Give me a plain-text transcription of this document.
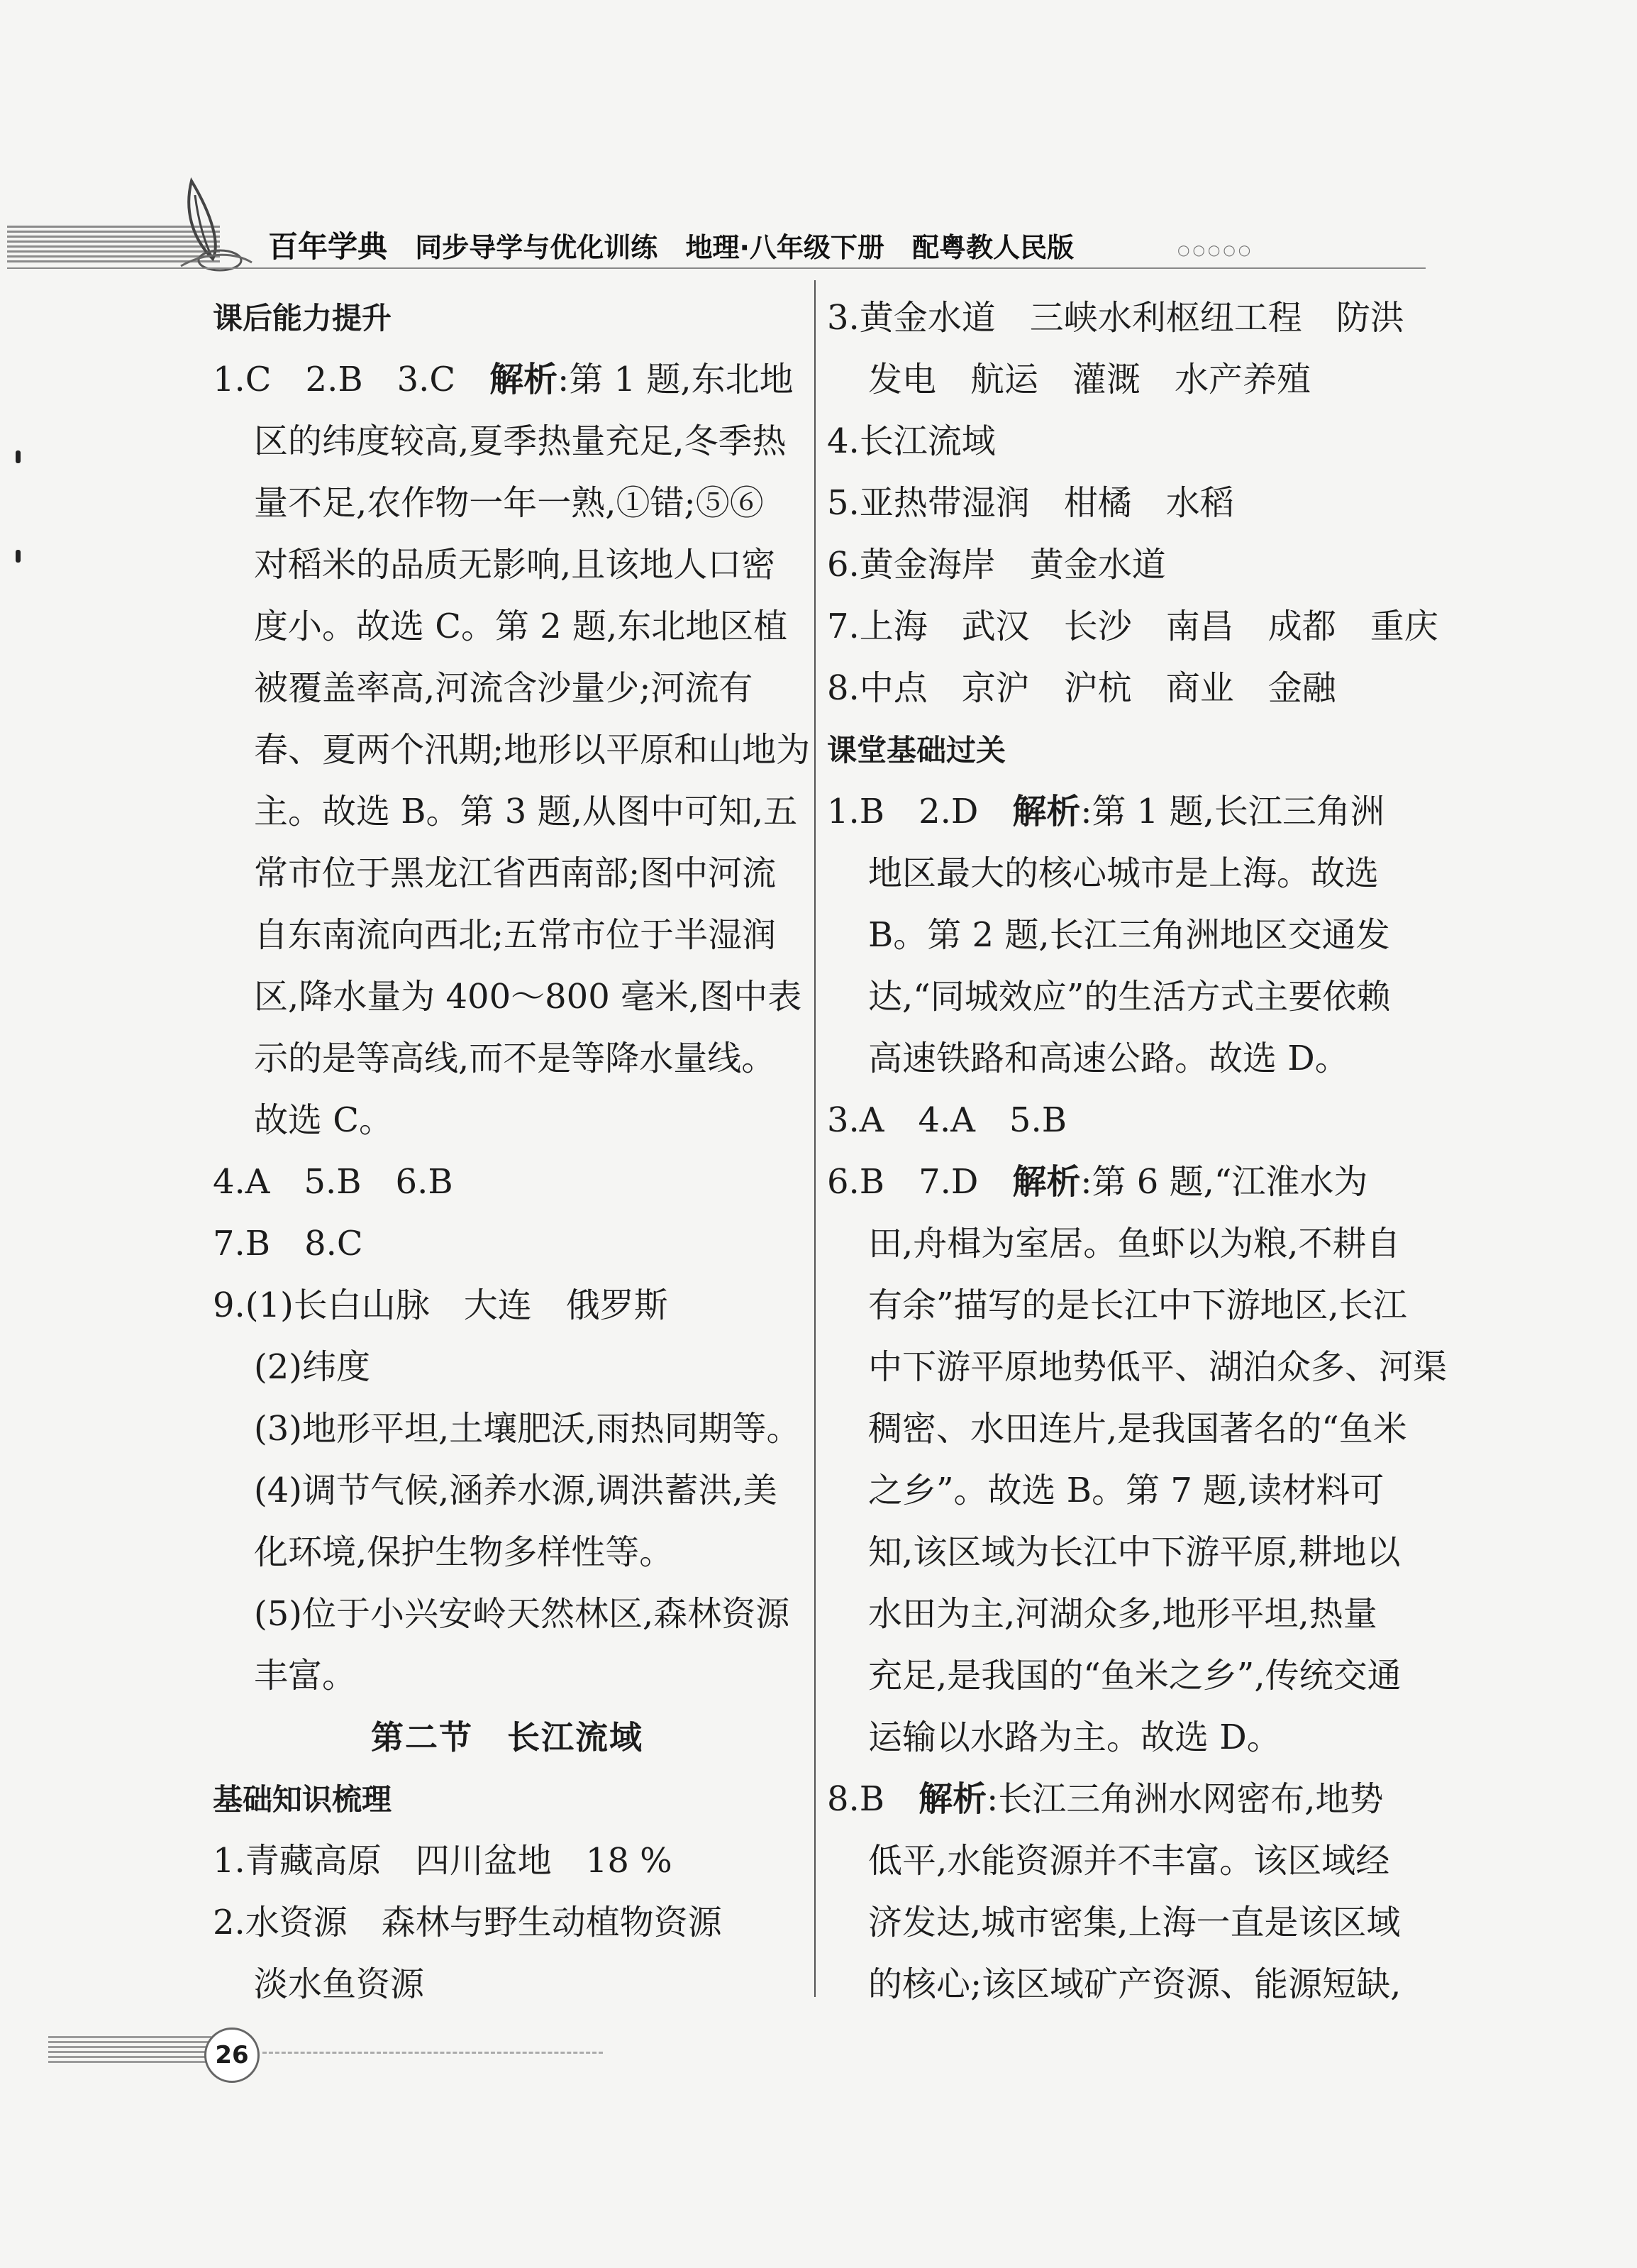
百年学典 同步导学与优化训练 地理·八年级下册 配粤教人民版	○○○○○
课后能力提升
1.C　2.B　3.C　解析:第 1 题,东北地
区的纬度较高,夏季热量充足,冬季热
量不足,农作物一年一熟,①错;⑤⑥
对稻米的品质无影响,且该地人口密
度小。故选 C。第 2 题,东北地区植
被覆盖率高,河流含沙量少;河流有
春、夏两个汛期;地形以平原和山地为
主。故选 B。第 3 题,从图中可知,五
常市位于黑龙江省西南部;图中河流
自东南流向西北;五常市位于半湿润
区,降水量为 400～800 毫米,图中表
示的是等高线,而不是等降水量线。
故选 C。
4.A　5.B　6.B
7.B　8.C
9.(1)长白山脉　大连　俄罗斯
(2)纬度
(3)地形平坦,土壤肥沃,雨热同期等。
(4)调节气候,涵养水源,调洪蓄洪,美
化环境,保护生物多样性等。
(5)位于小兴安岭天然林区,森林资源
丰富。
第二节　长江流域
基础知识梳理
1.青藏高原　四川盆地　18 %
2.水资源　森林与野生动植物资源
淡水鱼资源
3.黄金水道　三峡水利枢纽工程　防洪
发电　航运　灌溉　水产养殖
4.长江流域
5.亚热带湿润　柑橘　水稻
6.黄金海岸　黄金水道
7.上海　武汉　长沙　南昌　成都　重庆
8.中点　京沪　沪杭　商业　金融
课堂基础过关
1.B　2.D　解析:第 1 题,长江三角洲
地区最大的核心城市是上海。故选
B。第 2 题,长江三角洲地区交通发
达,“同城效应”的生活方式主要依赖
高速铁路和高速公路。故选 D。
3.A　4.A　5.B
6.B　7.D　解析:第 6 题,“江淮水为
田,舟楫为室居。鱼虾以为粮,不耕自
有余”描写的是长江中下游地区,长江
中下游平原地势低平、湖泊众多、河渠
稠密、水田连片,是我国著名的“鱼米
之乡”。故选 B。第 7 题,读材料可
知,该区域为长江中下游平原,耕地以
水田为主,河湖众多,地形平坦,热量
充足,是我国的“鱼米之乡”,传统交通
运输以水路为主。故选 D。
8.B　解析:长江三角洲水网密布,地势
低平,水能资源并不丰富。该区域经
济发达,城市密集,上海一直是该区域
的核心;该区域矿产资源、能源短缺,
26
